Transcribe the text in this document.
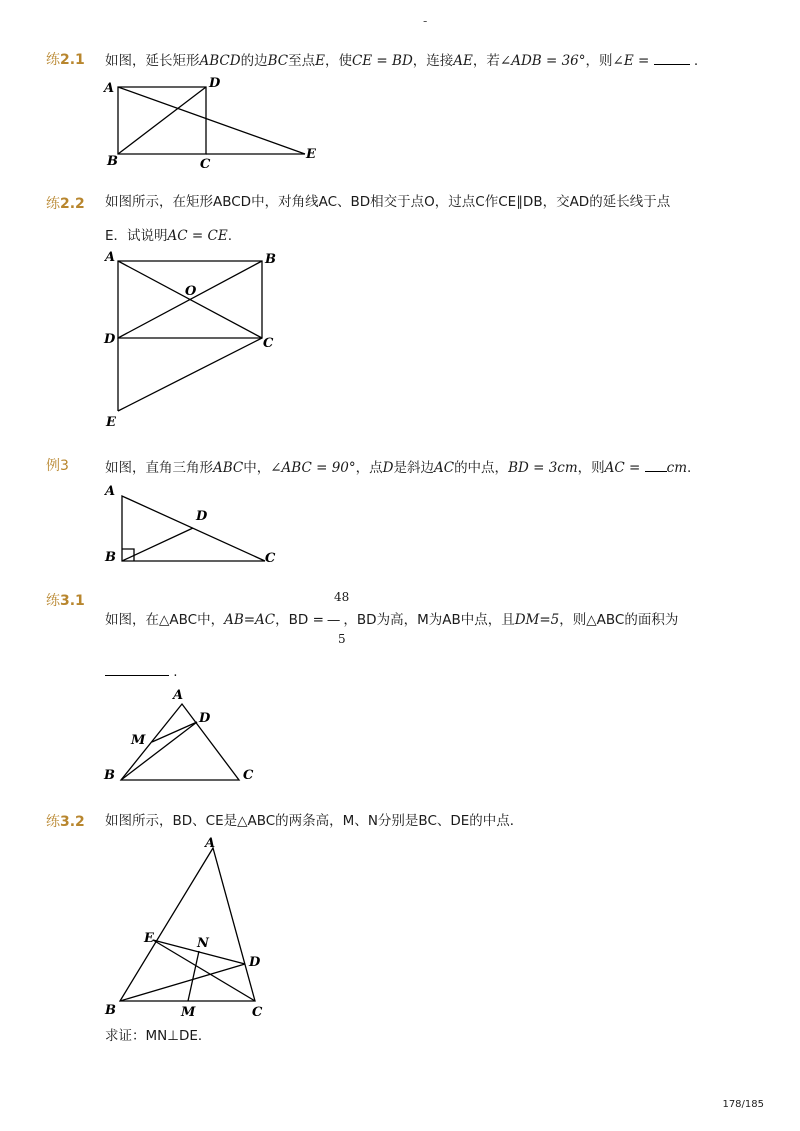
-
练2.1 如图，延长矩形ABCD的边BC至点E，使CE = BD，连接AE，若∠ADB = 36°，则∠E =	.
A	D
B	C
E
练2.2 如图所示，在矩形ABCD中，对角线AC、BD相交于点O，过点C作CE∥DB，交AD的延长线于点
E．试说明AC = CE.
A	B
O
D	C
E
例3	如图，直角三角形ABC中，∠ABC = 90°，点D是斜边AC的中点，BD = 3cm，则AC = cm.
A
D
B	C
练3.1	48
5
如图，在△ABC中，AB=AC，BD = — ，BD为高，M为AB中点，且DM=5，则△ABC的面积为
.
A
D
M
B	C
练3.2 如图所示，BD、CE是△ABC的两条高，M、N分别是BC、DE的中点．
A
E	N
D
B	M	C
求证：MN⊥DE．
178/185
